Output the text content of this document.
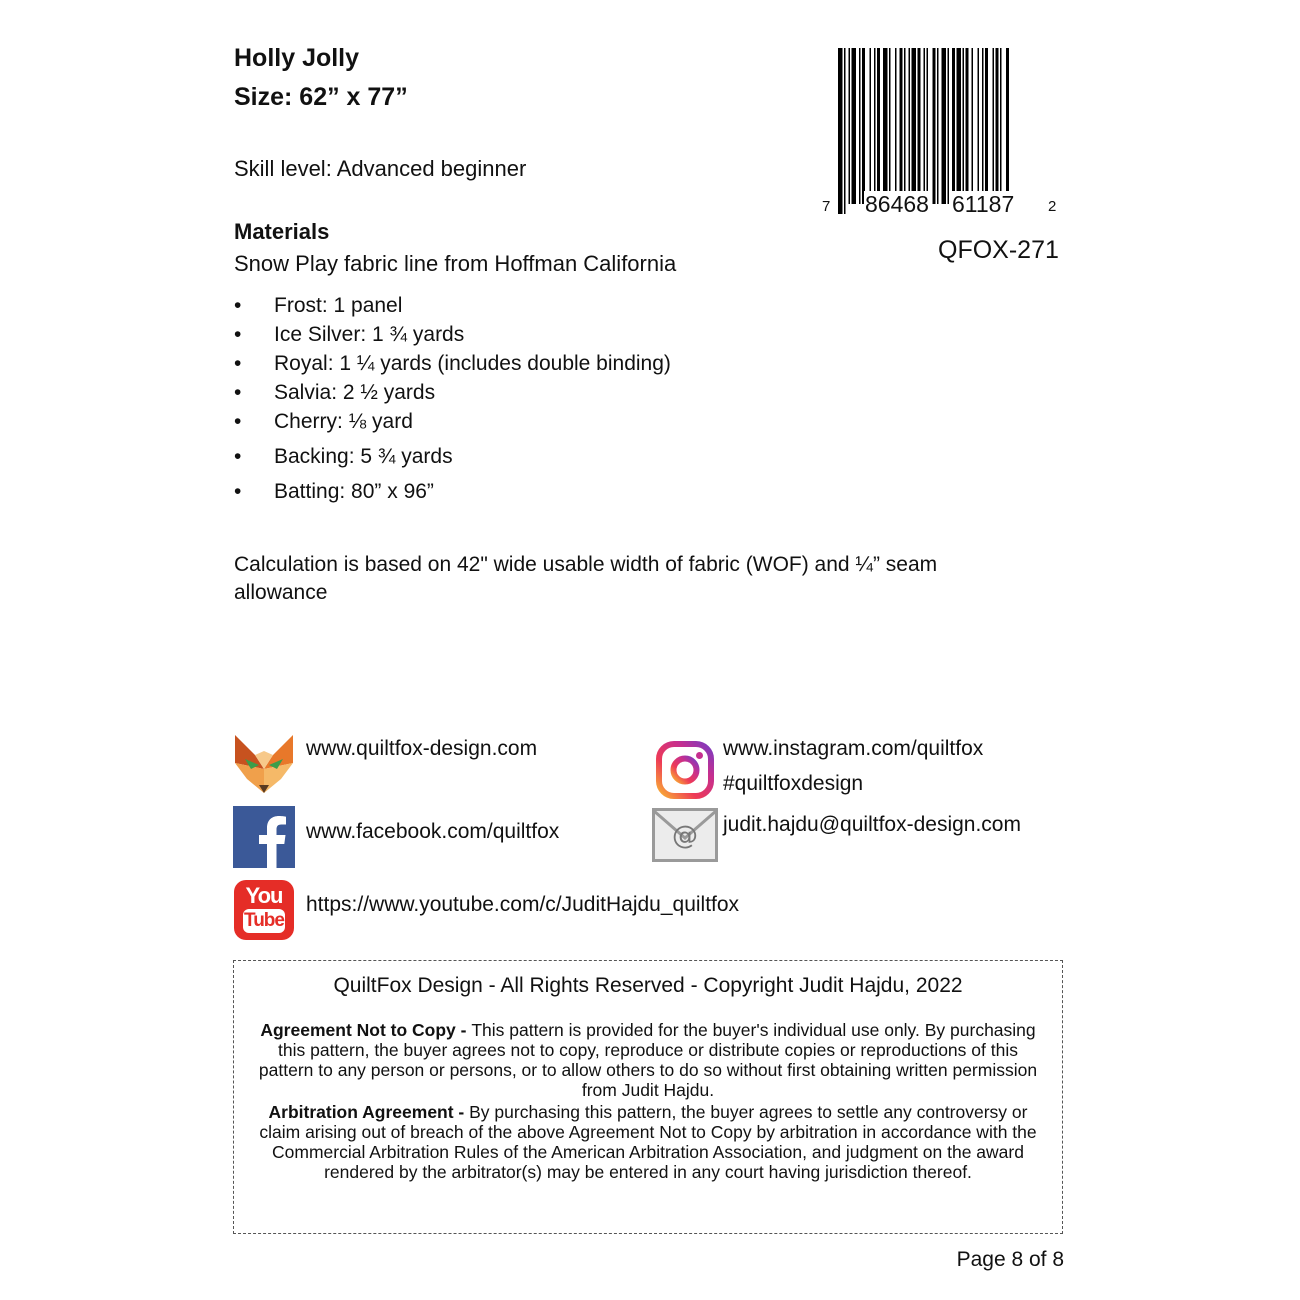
Holly Jolly
Size: 62” x 77”
Skill level: Advanced beginner
7 86468 61187 2
QFOX-271
Materials
Snow Play fabric line from Hoffman California
•	Frost: 1 panel
•	Ice Silver: 1 ¾ yards
•	Royal: 1 ¼ yards (includes double binding)
•	Salvia: 2 ½ yards
•	Cherry: ⅛ yard
•	Backing: 5 ¾ yards
•	Batting: 80” x 96”
Calculation is based on 42" wide usable width of fabric (WOF) and ¼” seam allowance
www.quiltfox-design.com
www.facebook.com/quiltfox
You
Tube
https://www.youtube.com/c/JuditHajdu_quiltfox
www.instagram.com/quiltfox
#quiltfoxdesign
@ judit.hajdu@quiltfox-design.com
QuiltFox Design - All Rights Reserved - Copyright Judit Hajdu, 2022
Agreement Not to Copy - This pattern is provided for the buyer's individual use only. By purchasing this pattern, the buyer agrees not to copy, reproduce or distribute copies or reproductions of this pattern to any person or persons, or to allow others to do so without first obtaining written permission from Judit Hajdu.
Arbitration Agreement - By purchasing this pattern, the buyer agrees to settle any controversy or claim arising out of breach of the above Agreement Not to Copy by arbitration in accordance with the Commercial Arbitration Rules of the American Arbitration Association, and judgment on the award rendered by the arbitrator(s) may be entered in any court having jurisdiction thereof.
Page 8 of 8
